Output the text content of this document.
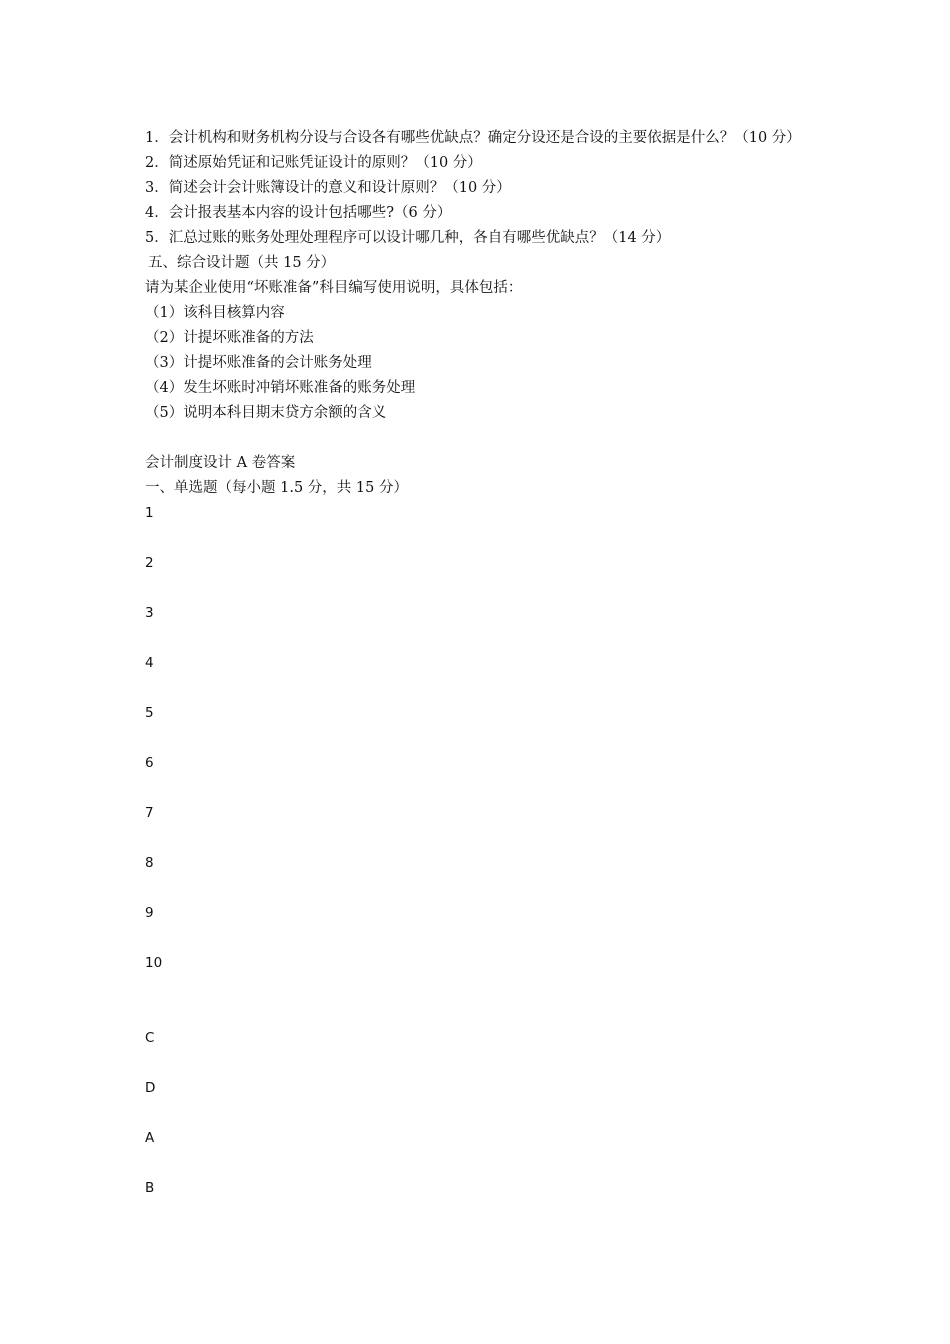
1．会计机构和财务机构分设与合设各有哪些优缺点？确定分设还是合设的主要依据是什么？（10 分）
2．简述原始凭证和记账凭证设计的原则？（10 分）
3．简述会计会计账簿设计的意义和设计原则？（10 分）
4．会计报表基本内容的设计包括哪些?（6 分）
5．汇总过账的账务处理处理程序可以设计哪几种，各自有哪些优缺点？（14 分）
五、综合设计题（共 15 分）
请为某企业使用“坏账准备”科目编写使用说明，具体包括：
（1）该科目核算内容
（2）计提坏账准备的方法
（3）计提坏账准备的会计账务处理
（4）发生坏账时冲销坏账准备的账务处理
（5）说明本科目期末贷方余额的含义
会计制度设计 A 卷答案
一、单选题（每小题 1.5 分，共 15 分）
1
2
3
4
5
6
7
8
9
10
C
D
A
B
